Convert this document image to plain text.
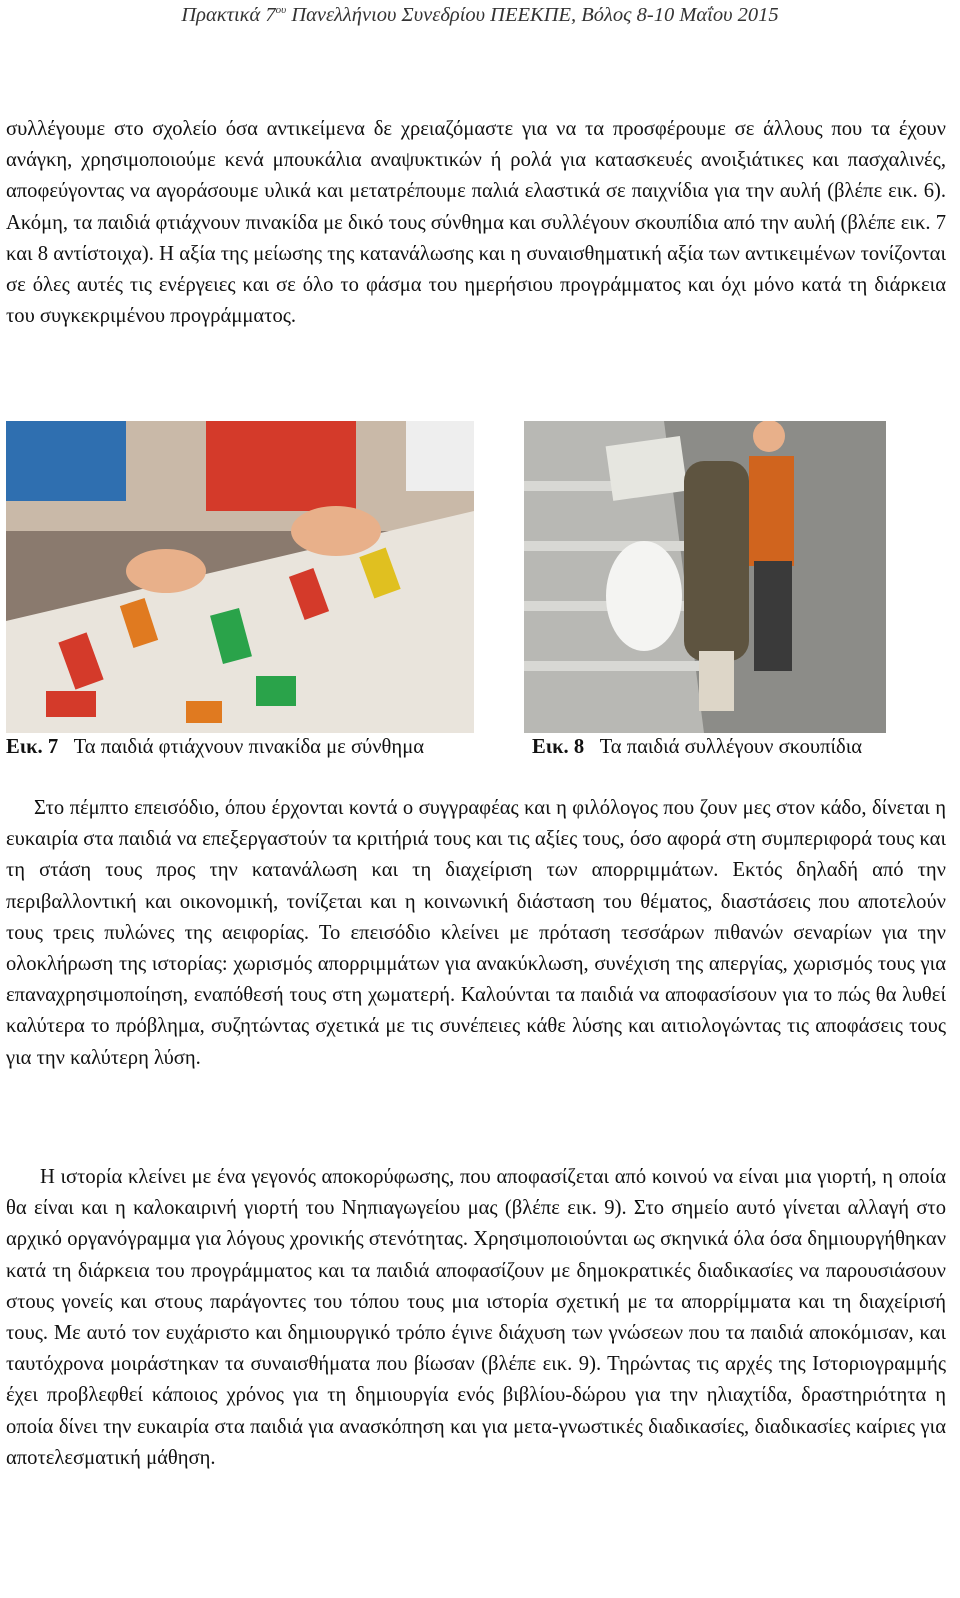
Πρακτικά $7^{o\upsilon}$ Πανελλήνιου Συνεδρίου ΠΕΕΚΠΕ, Βόλος 8-10 Μαΐου 2015

συλλέγουμε στο σχολείο όσα αντικείμενα δε χρειαζόμαστε για να τα προσφέρουμε σε άλλους που τα έχουν ανάγκη, χρησιμοποιούμε κενά μπουκάλια αναψυκτικών ή ρολά για κατασκευές ανοιξιάτικες και πασχαλινές, αποφεύγοντας να αγοράσουμε υλικά και μετατρέπουμε παλιά ελαστικά σε παιχνίδια για την αυλή (βλέπε εικ. 6). Ακόμη, τα παιδιά φτιάχνουν πινακίδα με δικό τους σύνθημα και συλλέγουν σκουπίδια από την αυλή (βλέπε εικ. 7 και 8 αντίστοιχα). Η αξία της μείωσης της κατανάλωσης και η συναισθηματική αξία των αντικειμένων τονίζονται σε όλες αυτές τις ενέργειες και σε όλο το φάσμα του ημερήσιου προγράμματος και όχι μόνο κατά τη διάρκεια του συγκεκριμένου προγράμματος.

Εικ. 7 Τα παιδιά φτιάχνουν πινακίδα με σύνθημα	Εικ. 8 Τα παιδιά συλλέγουν σκουπίδια

Στο πέμπτο επεισόδιο, όπου έρχονται κοντά ο συγγραφέας και η φιλόλογος που ζουν μες στον κάδο, δίνεται η ευκαιρία στα παιδιά να επεξεργαστούν τα κριτήριά τους και τις αξίες τους, όσο αφορά στη συμπεριφορά τους και τη στάση τους προς την κατανάλωση και τη διαχείριση των απορριμμάτων. Εκτός δηλαδή από την περιβαλλοντική και οικονομική, τονίζεται και η κοινωνική διάσταση του θέματος, διαστάσεις που αποτελούν τους τρεις πυλώνες της αειφορίας. Το επεισόδιο κλείνει με πρόταση τεσσάρων πιθανών σεναρίων για την ολοκλήρωση της ιστορίας: χωρισμός απορριμμάτων για ανακύκλωση, συνέχιση της απεργίας, χωρισμός τους για επαναχρησιμοποίηση, εναπόθεσή τους στη χωματερή. Καλούνται τα παιδιά να αποφασίσουν για το πώς θα λυθεί καλύτερα το πρόβλημα, συζητώντας σχετικά με τις συνέπειες κάθε λύσης και αιτιολογώντας τις αποφάσεις τους για την καλύτερη λύση.

Η ιστορία κλείνει με ένα γεγονός αποκορύφωσης, που αποφασίζεται από κοινού να είναι μια γιορτή, η οποία θα είναι και η καλοκαιρινή γιορτή του Νηπιαγωγείου μας (βλέπε εικ. 9). Στο σημείο αυτό γίνεται αλλαγή στο αρχικό οργανόγραμμα για λόγους χρονικής στενότητας. Χρησιμοποιούνται ως σκηνικά όλα όσα δημιουργήθηκαν κατά τη διάρκεια του προγράμματος και τα παιδιά αποφασίζουν με δημοκρατικές διαδικασίες να παρουσιάσουν στους γονείς και στους παράγοντες του τόπου τους μια ιστορία σχετική με τα απορρίμματα και τη διαχείρισή τους. Με αυτό τον ευχάριστο και δημιουργικό τρόπο έγινε διάχυση των γνώσεων που τα παιδιά αποκόμισαν, και ταυτόχρονα μοιράστηκαν τα συναισθήματα που βίωσαν (βλέπε εικ. 9). Τηρώντας τις αρχές της Ιστοριογραμμής έχει προβλεφθεί κάποιος χρόνος για τη δημιουργία ενός βιβλίου-δώρου για την ηλιαχτίδα, δραστηριότητα η οποία δίνει την ευκαιρία στα παιδιά για ανασκόπηση και για μετα-γνωστικές διαδικασίες, διαδικασίες καίριες για αποτελεσματική μάθηση.
